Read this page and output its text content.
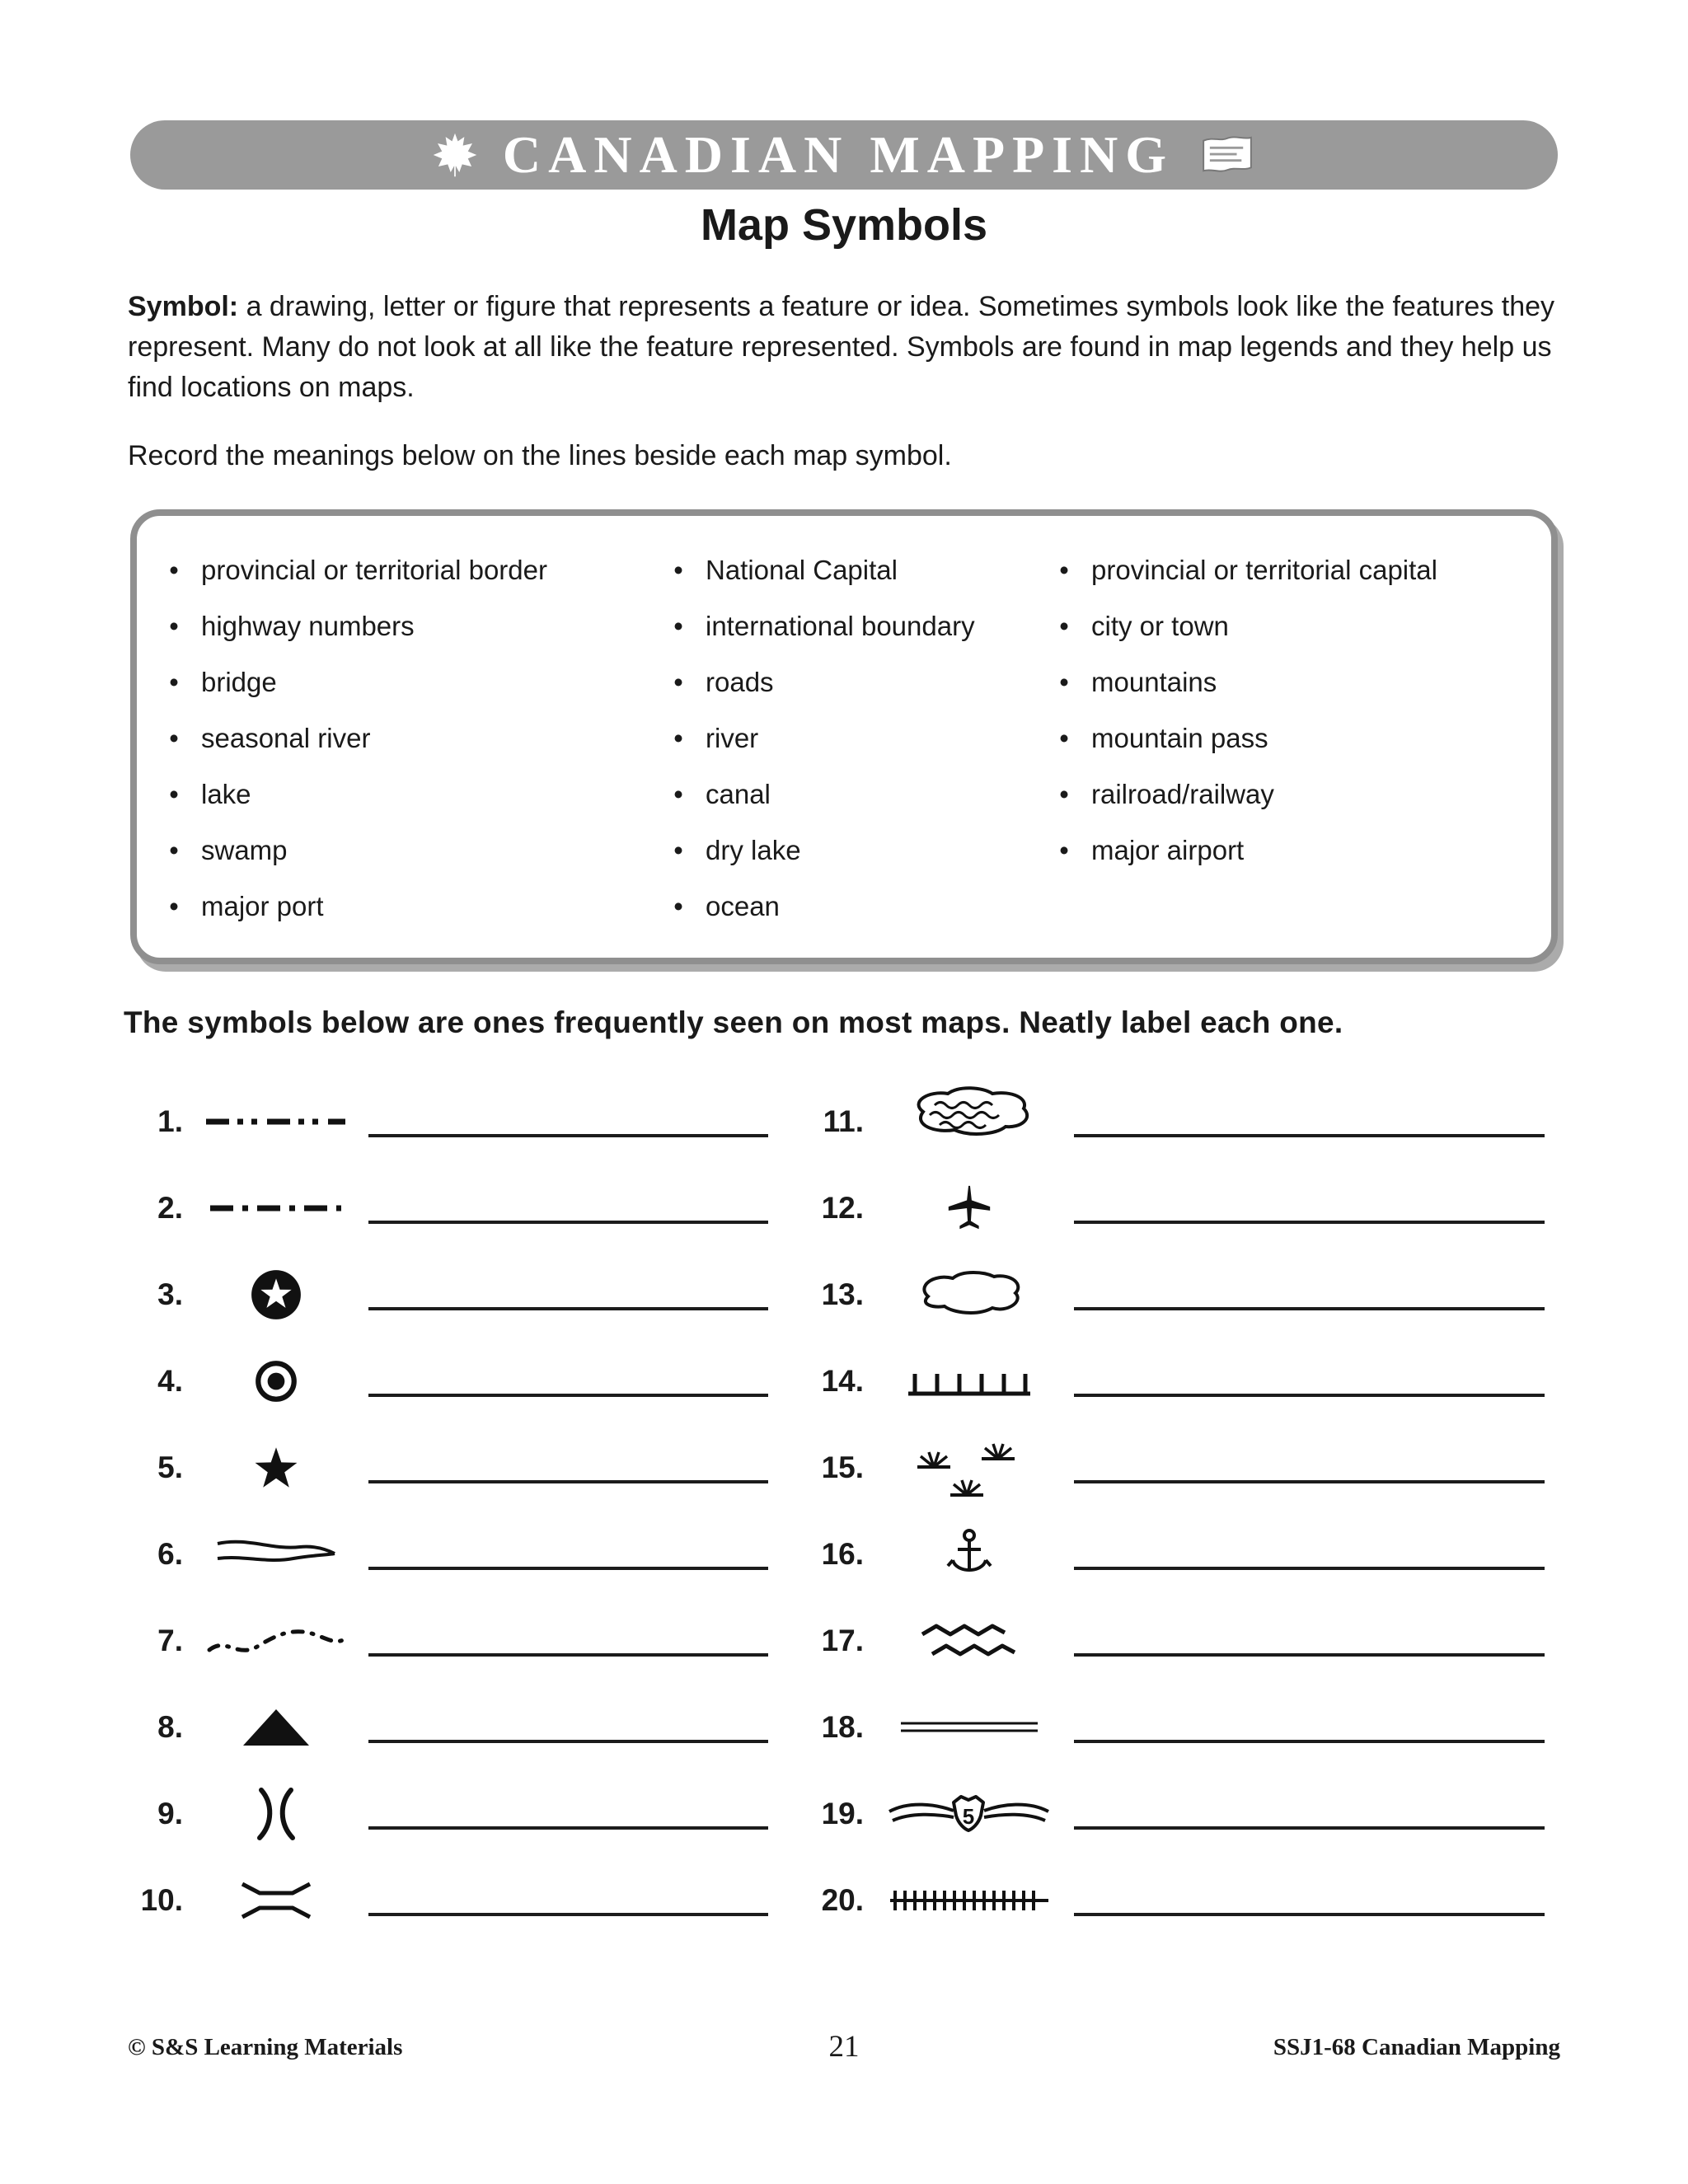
CANADIAN MAPPING
Map Symbols

Symbol: a drawing, letter or figure that represents a feature or idea. Sometimes symbols look like the features they represent. Many do not look at all like the feature represented. Symbols are found in map legends and they help us find locations on maps.

Record the meanings below on the lines beside each map symbol.

• provincial or territorial border
• highway numbers
• bridge
• seasonal river
• lake
• swamp
• major port
• National Capital
• international boundary
• roads
• river
• canal
• dry lake
• ocean
• provincial or territorial capital
• city or town
• mountains
• mountain pass
• railroad/railway
• major airport

The symbols below are ones frequently seen on most maps. Neatly label each one.

1.
2.
3.
4.
5.
6.
7.
8.
9.
10.
11.
12.
13.
14.
15.
16.
17.
18.
19.	5
20.
© S&S Learning Materials	21	SSJ1-68 Canadian Mapping
